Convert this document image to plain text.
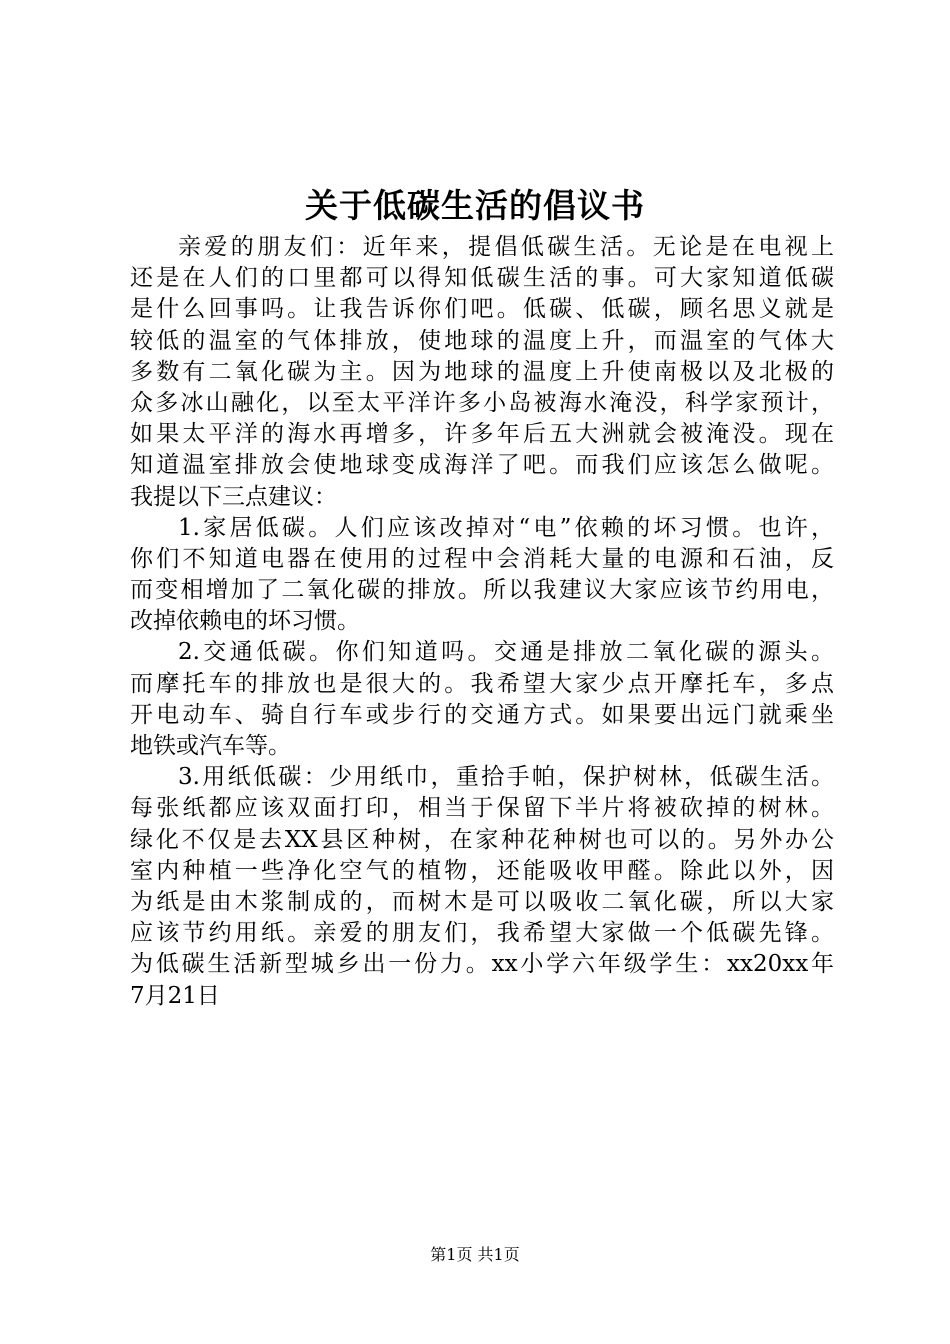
关于低碳生活的倡议书
亲爱的朋友们：近年来，提倡低碳生活。无论是在电视上
还是在人们的口里都可以得知低碳生活的事。可大家知道低碳
是什么回事吗。让我告诉你们吧。低碳、低碳，顾名思义就是
较低的温室的气体排放，使地球的温度上升，而温室的气体大
多数有二氧化碳为主。因为地球的温度上升使南极以及北极的
众多冰山融化，以至太平洋许多小岛被海水淹没，科学家预计，
如果太平洋的海水再增多，许多年后五大洲就会被淹没。现在
知道温室排放会使地球变成海洋了吧。而我们应该怎么做呢。
我提以下三点建议：
1.家居低碳。人们应该改掉对“电”依赖的坏习惯。也许，
你们不知道电器在使用的过程中会消耗大量的电源和石油，反
而变相增加了二氧化碳的排放。所以我建议大家应该节约用电，
改掉依赖电的坏习惯。
2.交通低碳。你们知道吗。交通是排放二氧化碳的源头。
而摩托车的排放也是很大的。我希望大家少点开摩托车，多点
开电动车、骑自行车或步行的交通方式。如果要出远门就乘坐
地铁或汽车等。
3.用纸低碳：少用纸巾，重拾手帕，保护树林，低碳生活。
每张纸都应该双面打印，相当于保留下半片将被砍掉的树林。
绿化不仅是去XX县区种树，在家种花种树也可以的。另外办公
室内种植一些净化空气的植物，还能吸收甲醛。除此以外，因
为纸是由木浆制成的，而树木是可以吸收二氧化碳，所以大家
应该节约用纸。亲爱的朋友们，我希望大家做一个低碳先锋。
为低碳生活新型城乡出一份力。xx小学六年级学生：xx20xx年
7月21日
第1页 共1页
